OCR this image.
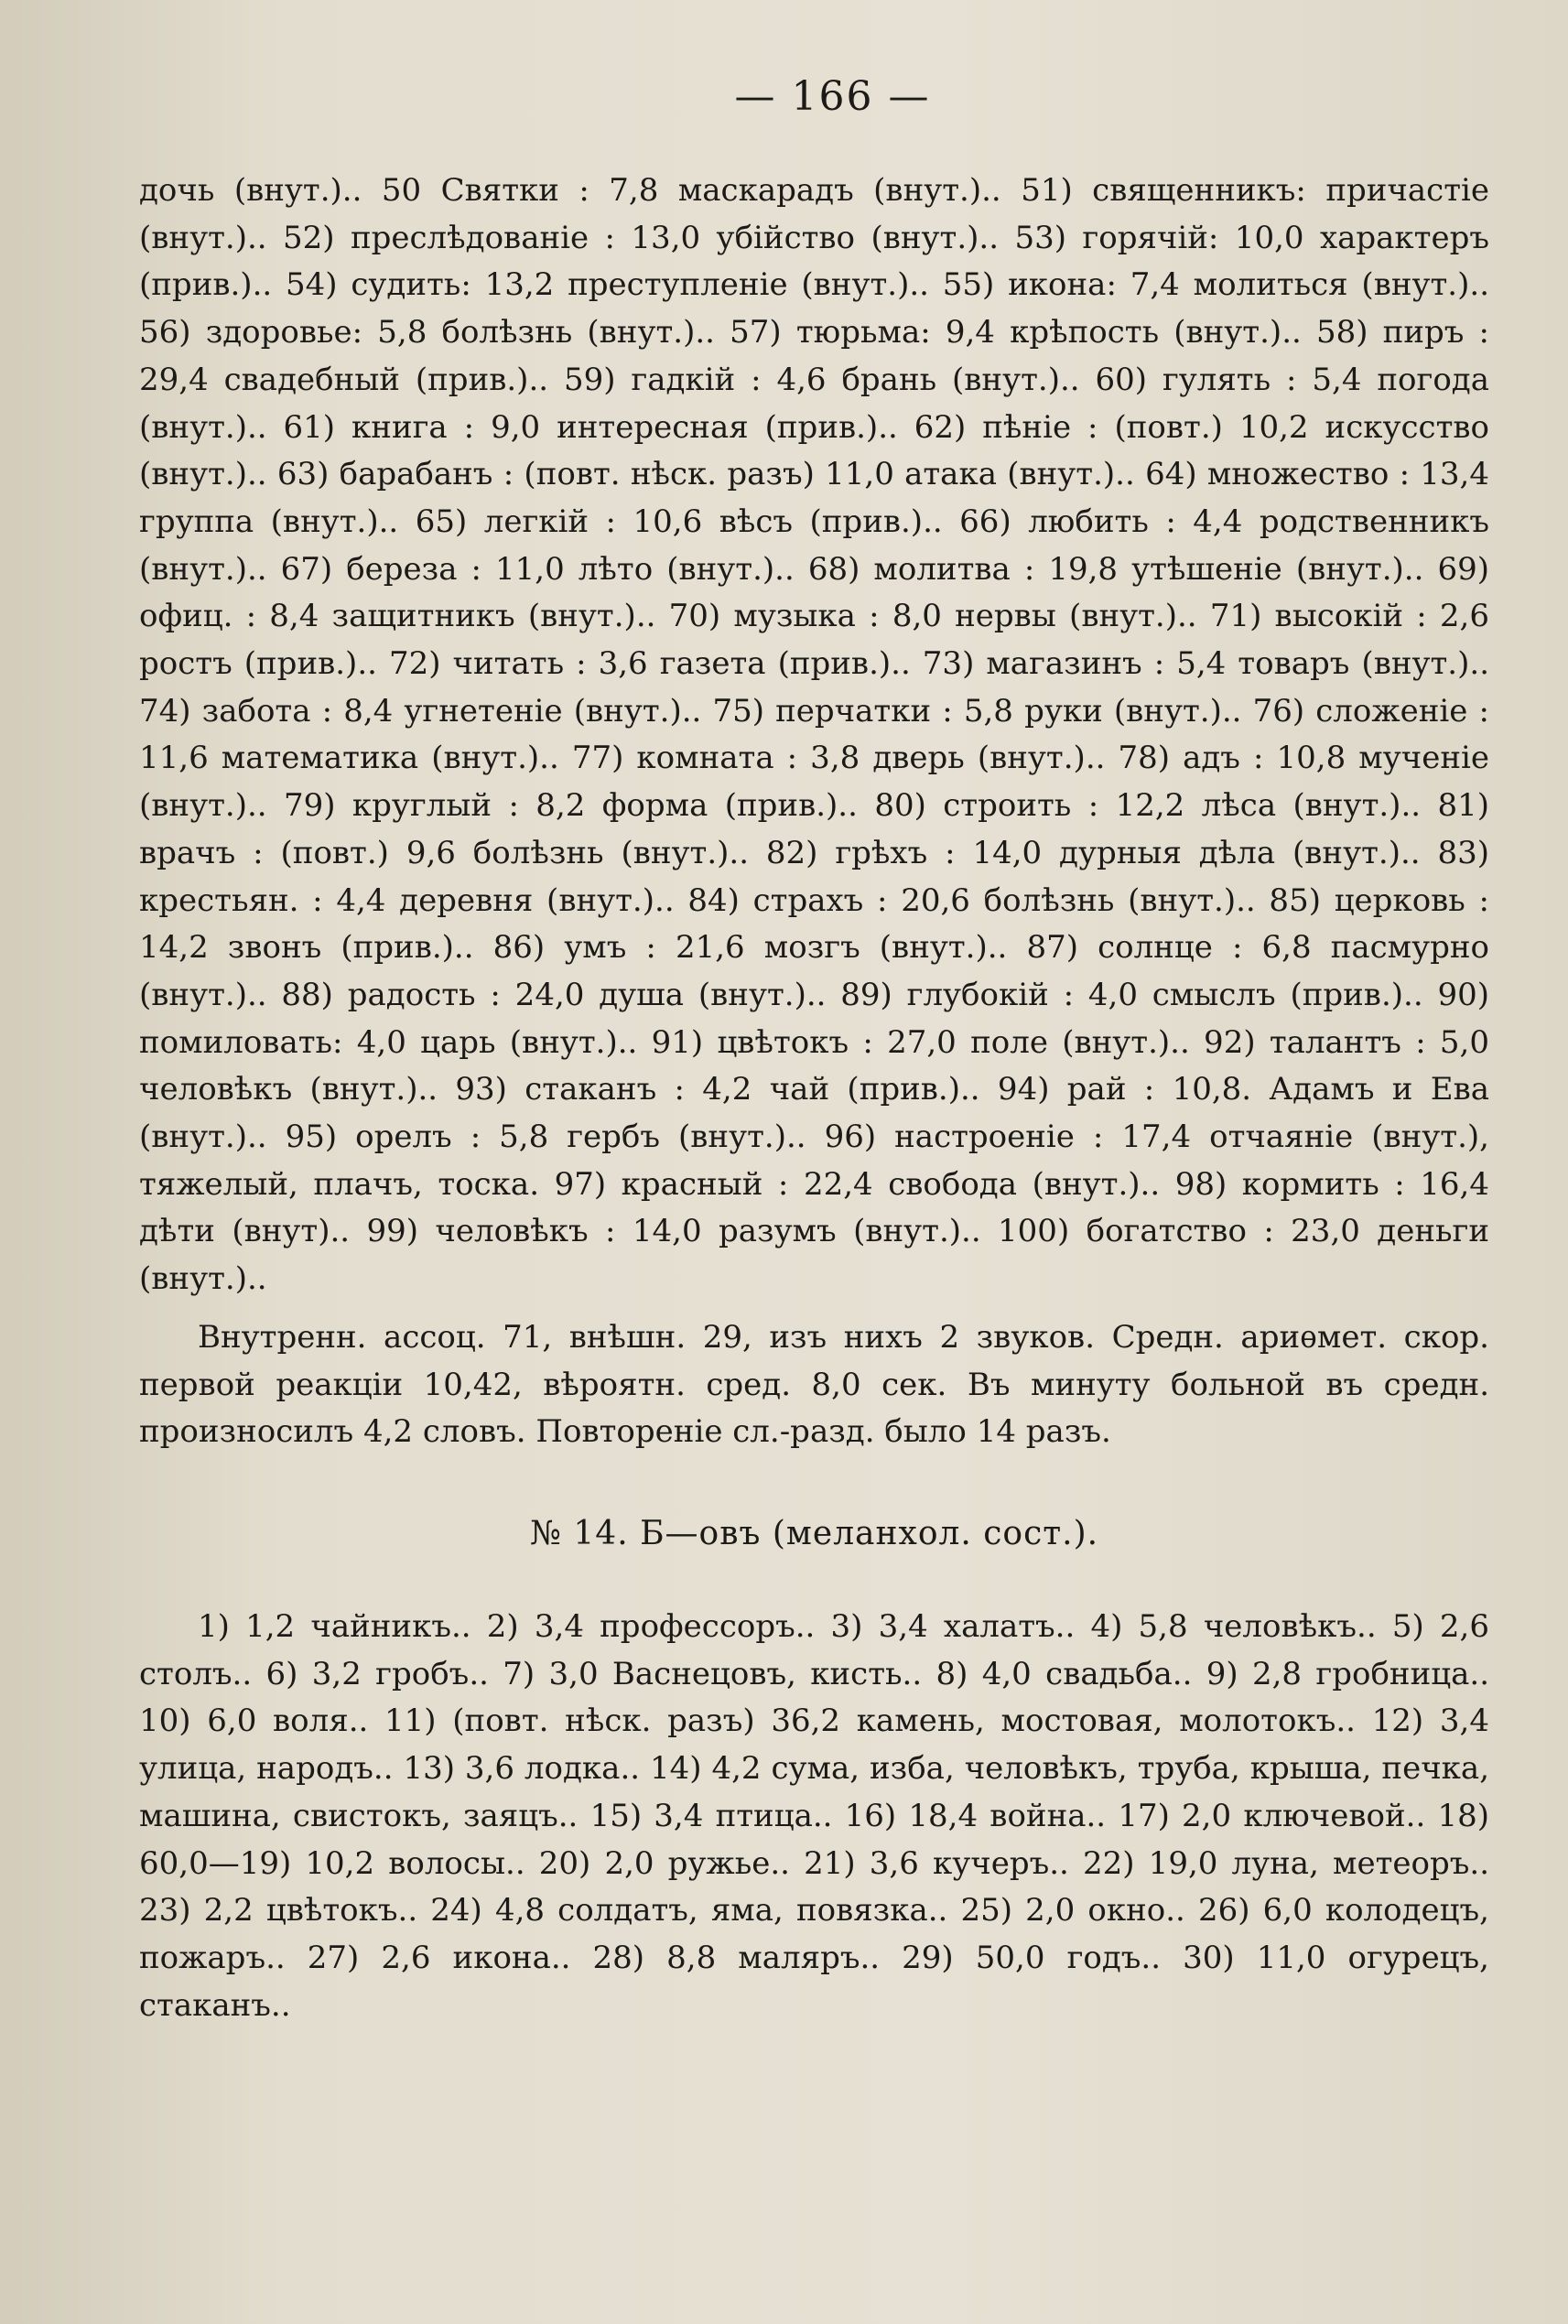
— 166 —

дочь (внут.).. 50 Святки : 7,8 маскарадъ (внут.).. 51) священникъ: причастіе (внут.).. 52) преслѣдованіе : 13,0 убійство (внут.).. 53) горячій: 10,0 характеръ (прив.).. 54) судить: 13,2 преступленіе (внут.).. 55) икона: 7,4 молиться (внут.).. 56) здоровье: 5,8 болѣзнь (внут.).. 57) тюрьма: 9,4 крѣпость (внут.).. 58) пиръ : 29,4 свадебный (прив.).. 59) гадкій : 4,6 брань (внут.).. 60) гулять : 5,4 погода (внут.).. 61) книга : 9,0 интересная (прив.).. 62) пѣніе : (повт.) 10,2 искусство (внут.).. 63) барабанъ : (повт. нѣск. разъ) 11,0 атака (внут.).. 64) множество : 13,4 группа (внут.).. 65) легкій : 10,6 вѣсъ (прив.).. 66) любить : 4,4 родственникъ (внут.).. 67) береза : 11,0 лѣто (внут.).. 68) молитва : 19,8 утѣшеніе (внут.).. 69) офиц. : 8,4 защитникъ (внут.).. 70) музыка : 8,0 нервы (внут.).. 71) высокій : 2,6 ростъ (прив.).. 72) читать : 3,6 газета (прив.).. 73) магазинъ : 5,4 товаръ (внут.).. 74) забота : 8,4 угнетеніе (внут.).. 75) перчатки : 5,8 руки (внут.).. 76) сложеніе : 11,6 математика (внут.).. 77) комната : 3,8 дверь (внут.).. 78) адъ : 10,8 мученіе (внут.).. 79) круглый : 8,2 форма (прив.).. 80) строить : 12,2 лѣса (внут.).. 81) врачъ : (повт.) 9,6 болѣзнь (внут.).. 82) грѣхъ : 14,0 дурныя дѣла (внут.).. 83) крестьян. : 4,4 деревня (внут.).. 84) страхъ : 20,6 болѣзнь (внут.).. 85) церковь : 14,2 звонъ (прив.).. 86) умъ : 21,6 мозгъ (внут.).. 87) солнце : 6,8 пасмурно (внут.).. 88) радость : 24,0 душа (внут.).. 89) глубокій : 4,0 смыслъ (прив.).. 90) помиловать: 4,0 царь (внут.).. 91) цвѣтокъ : 27,0 поле (внут.).. 92) талантъ : 5,0 человѣкъ (внут.).. 93) стаканъ : 4,2 чай (прив.).. 94) рай : 10,8. Адамъ и Ева (внут.).. 95) орелъ : 5,8 гербъ (внут.).. 96) настроеніе : 17,4 отчаяніе (внут.), тяжелый, плачъ, тоска. 97) красный : 22,4 свобода (внут.).. 98) кормить : 16,4 дѣти (внут).. 99) человѣкъ : 14,0 разумъ (внут.).. 100) богатство : 23,0 деньги (внут.)..

Внутренн. ассоц. 71, внѣшн. 29, изъ нихъ 2 звуков. Средн. ариѳмет. скор. первой реакціи 10,42, вѣроятн. сред. 8,0 сек. Въ минуту больной въ средн. произносилъ 4,2 словъ. Повтореніе сл.-разд. было 14 разъ.

№ 14. Б—овъ (меланхол. сост.).

1) 1,2 чайникъ.. 2) 3,4 профессоръ.. 3) 3,4 халатъ.. 4) 5,8 человѣкъ.. 5) 2,6 столъ.. 6) 3,2 гробъ.. 7) 3,0 Васнецовъ, кисть.. 8) 4,0 свадьба.. 9) 2,8 гробница.. 10) 6,0 воля.. 11) (повт. нѣск. разъ) 36,2 камень, мостовая, молотокъ.. 12) 3,4 улица, народъ.. 13) 3,6 лодка.. 14) 4,2 сума, изба, человѣкъ, труба, крыша, печка, машина, свистокъ, заяцъ.. 15) 3,4 птица.. 16) 18,4 война.. 17) 2,0 ключевой.. 18) 60,0—19) 10,2 волосы.. 20) 2,0 ружье.. 21) 3,6 кучеръ.. 22) 19,0 луна, метеоръ.. 23) 2,2 цвѣтокъ.. 24) 4,8 солдатъ, яма, повязка.. 25) 2,0 окно.. 26) 6,0 колодецъ, пожаръ.. 27) 2,6 икона.. 28) 8,8 маляръ.. 29) 50,0 годъ.. 30) 11,0 огурецъ, стаканъ..
